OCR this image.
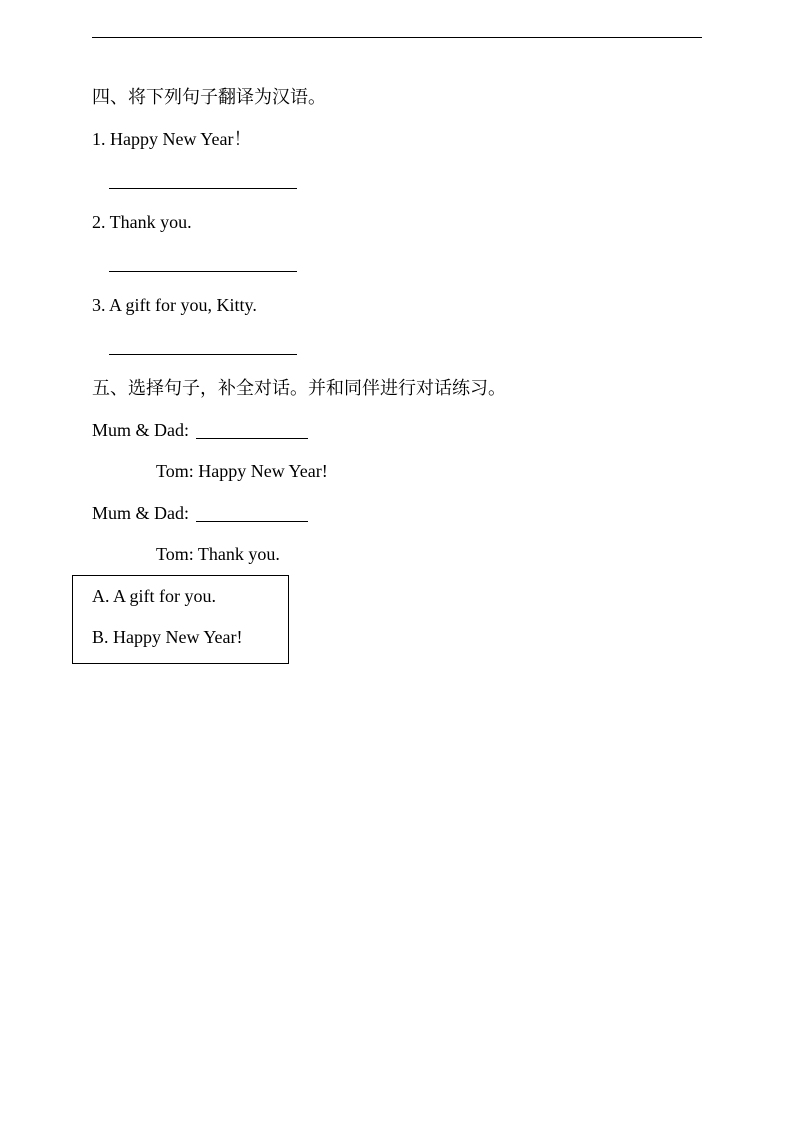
四、将下列句子翻译为汉语。
1. Happy New Year！
2. Thank you.
3. A gift for you, Kitty.
五、选择句子，补全对话。并和同伴进行对话练习。
Mum & Dad:
Tom: Happy New Year!
Mum & Dad:
Tom: Thank you.
A. A gift for you.
B. Happy New Year!
